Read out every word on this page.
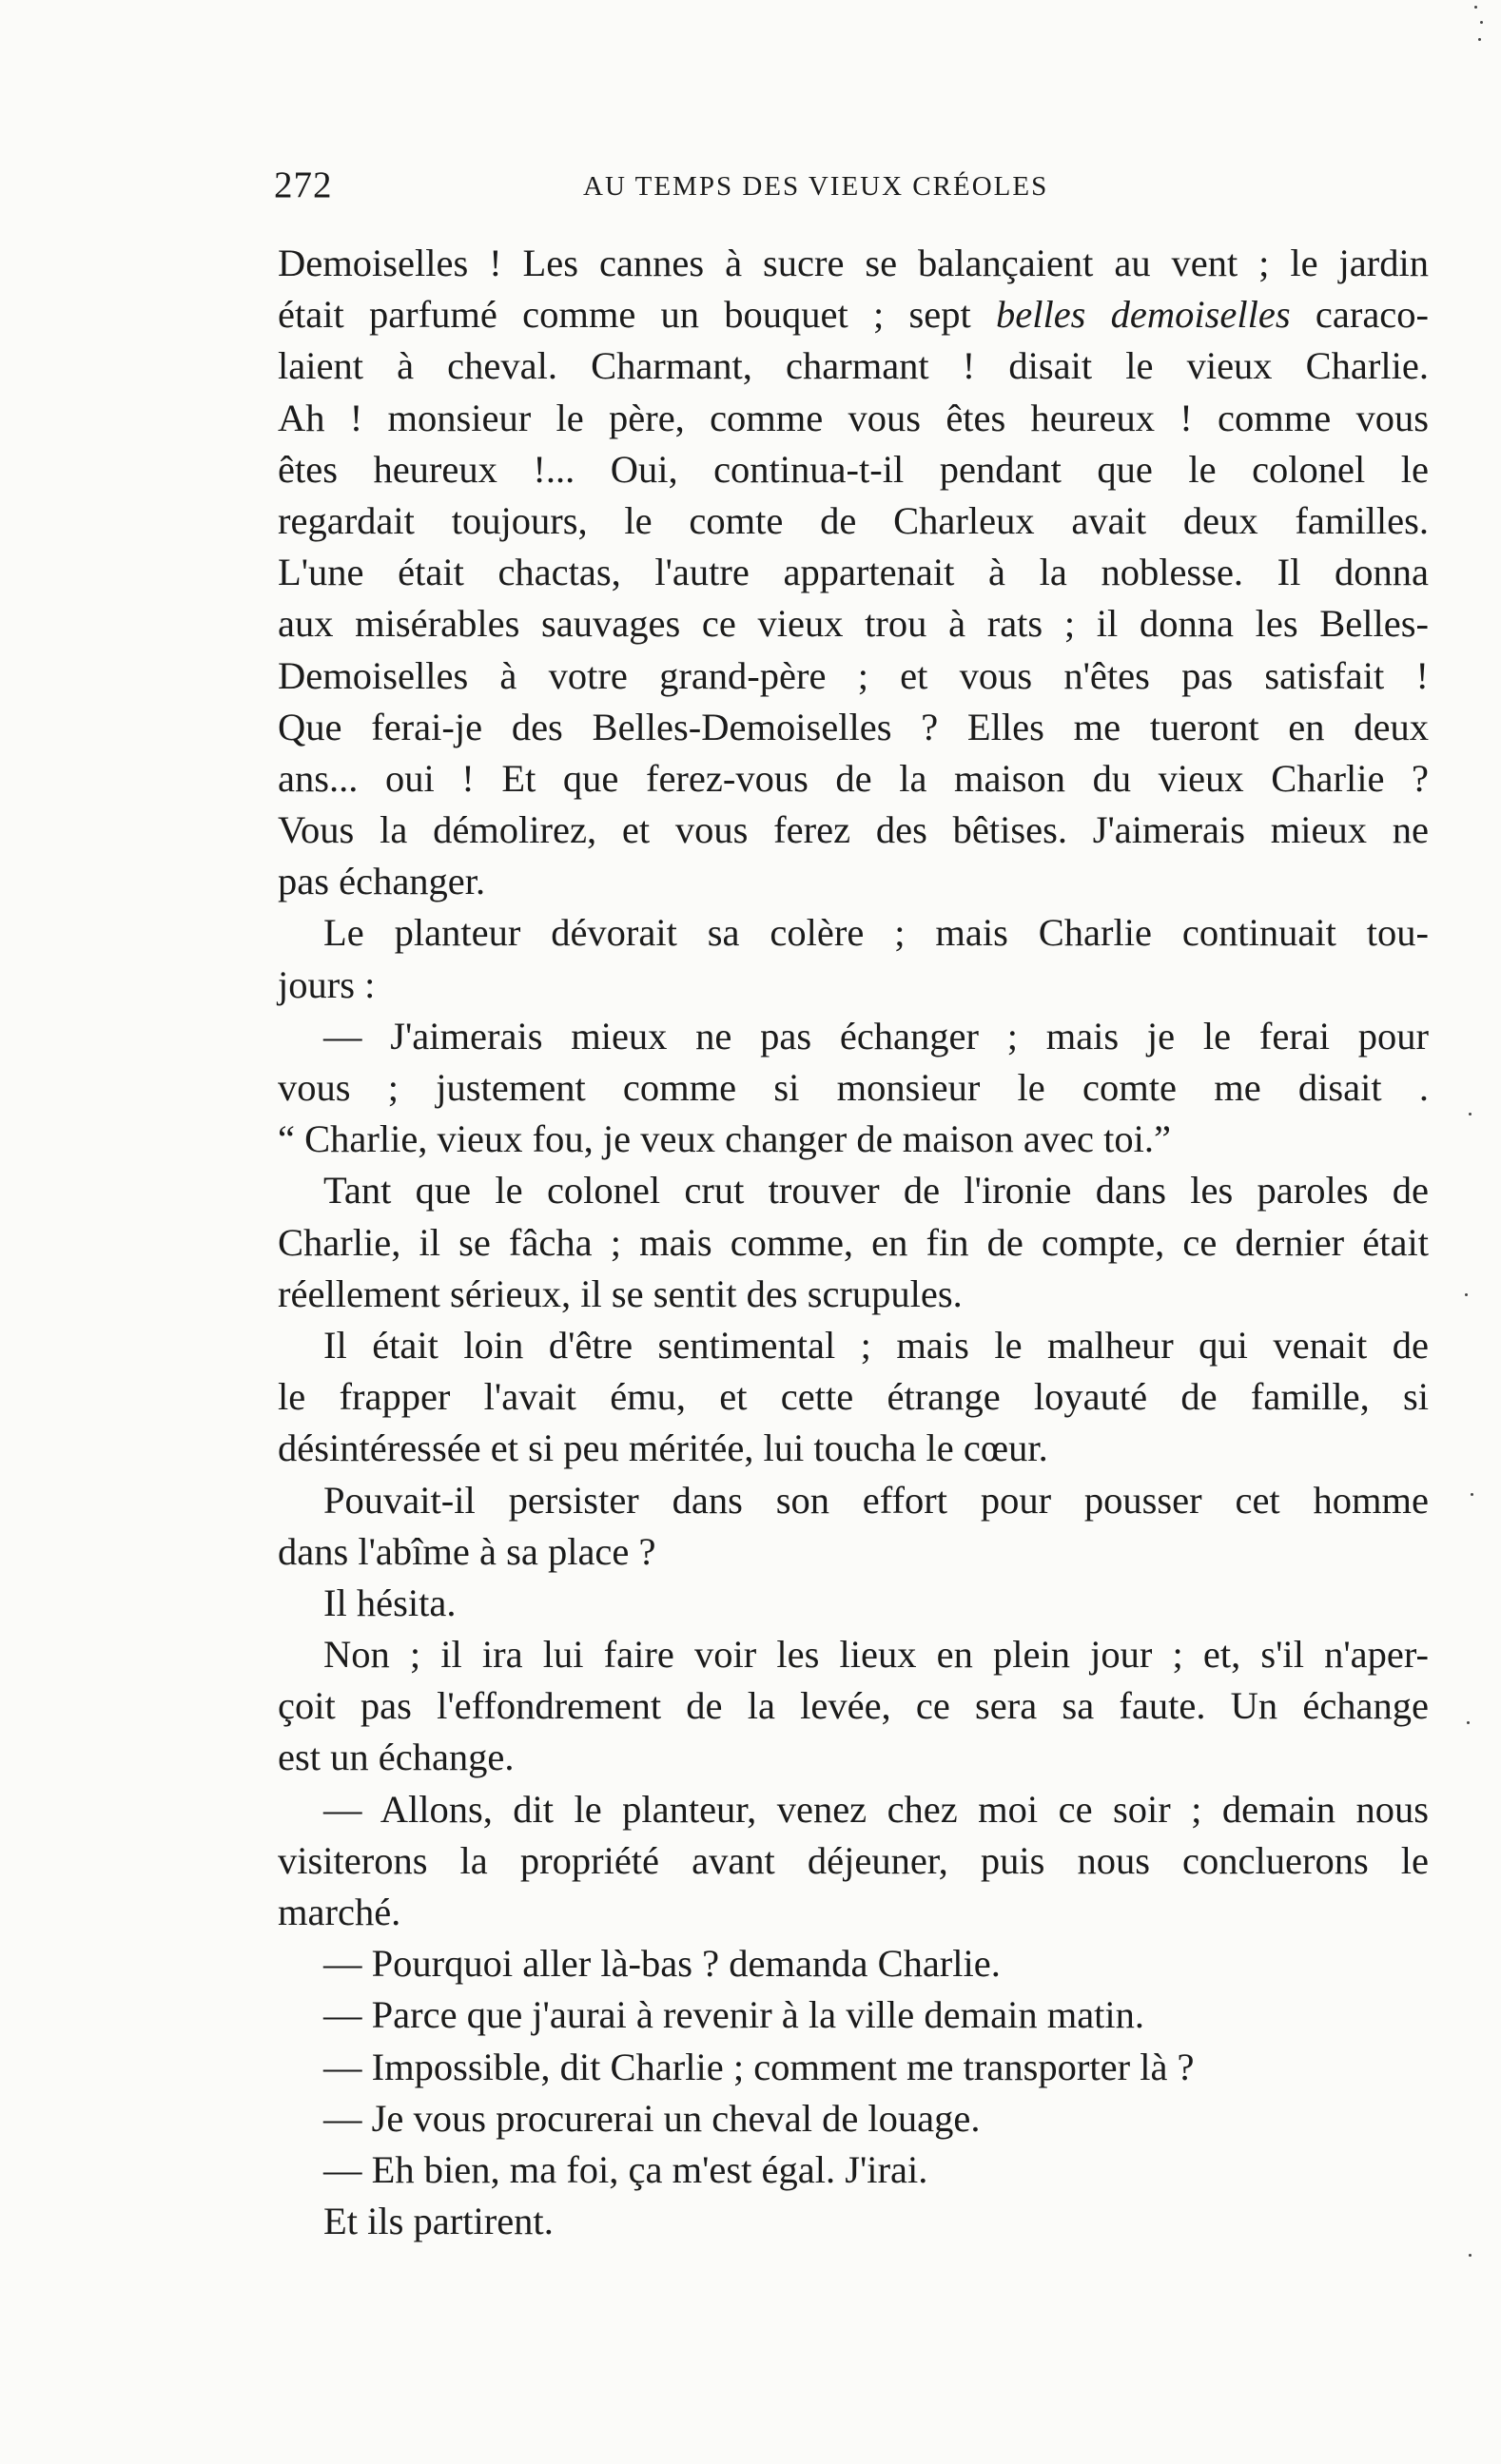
272	AU TEMPS DES VIEUX CRÉOLES
Demoiselles ! Les cannes à sucre se balançaient au vent ; le jardin
était parfumé comme un bouquet ; sept belles demoiselles caraco-
laient à cheval. Charmant, charmant ! disait le vieux Charlie.
Ah ! monsieur le père, comme vous êtes heureux ! comme vous
êtes heureux !... Oui, continua-t-il pendant que le colonel le
regardait toujours, le comte de Charleux avait deux familles.
L'une était chactas, l'autre appartenait à la noblesse. Il donna
aux misérables sauvages ce vieux trou à rats ; il donna les Belles-
Demoiselles à votre grand-père ; et vous n'êtes pas satisfait !
Que ferai-je des Belles-Demoiselles ? Elles me tueront en deux
ans... oui ! Et que ferez-vous de la maison du vieux Charlie ?
Vous la démolirez, et vous ferez des bêtises. J'aimerais mieux ne
pas échanger.
Le planteur dévorait sa colère ; mais Charlie continuait tou-
jours :
— J'aimerais mieux ne pas échanger ; mais je le ferai pour
vous ; justement comme si monsieur le comte me disait .
“ Charlie, vieux fou, je veux changer de maison avec toi.”
Tant que le colonel crut trouver de l'ironie dans les paroles de
Charlie, il se fâcha ; mais comme, en fin de compte, ce dernier était
réellement sérieux, il se sentit des scrupules.
Il était loin d'être sentimental ; mais le malheur qui venait de
le frapper l'avait ému, et cette étrange loyauté de famille, si
désintéressée et si peu méritée, lui toucha le cœur.
Pouvait-il persister dans son effort pour pousser cet homme
dans l'abîme à sa place ?
Il hésita.
Non ; il ira lui faire voir les lieux en plein jour ; et, s'il n'aper-
çoit pas l'effondrement de la levée, ce sera sa faute. Un échange
est un échange.
— Allons, dit le planteur, venez chez moi ce soir ; demain nous
visiterons la propriété avant déjeuner, puis nous concluerons le
marché.
— Pourquoi aller là-bas ? demanda Charlie.
— Parce que j'aurai à revenir à la ville demain matin.
— Impossible, dit Charlie ; comment me transporter là ?
— Je vous procurerai un cheval de louage.
— Eh bien, ma foi, ça m'est égal. J'irai.
Et ils partirent.
